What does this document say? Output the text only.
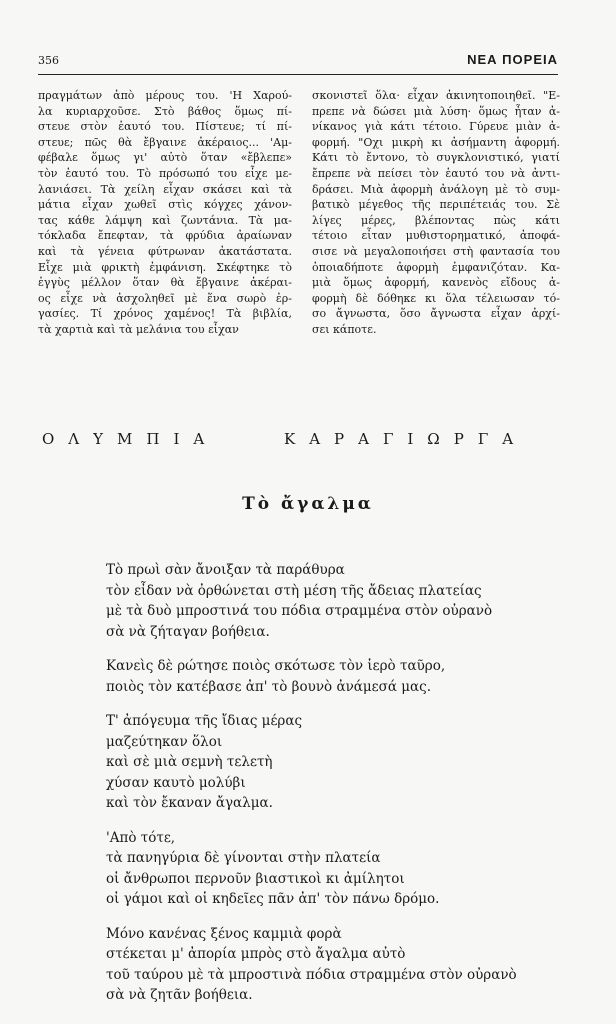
356	ΝΕΑ ΠΟΡΕΙΑ
πραγμάτων ἀπὸ μέρους του. 'Η Χαρού-
λα κυριαρχοῦσε. Στὸ βάθος ὅμως πί-
στευε στὸν ἑαυτό του. Πίστευε; τί πί-
στευε; πῶς θὰ ἔβγαινε ἀκέραιος... 'Αμ-
φέβαλε ὅμως γι' αὐτὸ ὅταν «ἔβλεπε»
τὸν ἑαυτό του. Τὸ πρόσωπό του εἶχε με-
λανιάσει. Τὰ χείλη εἶχαν σκάσει καὶ τὰ
μάτια εἶχαν χωθεῖ στὶς κόγχες χάνον-
τας κάθε λάμψη καὶ ζωντάνια. Τὰ μα-
τόκλαδα ἔπεφταν, τὰ φρύδια ἀραίωναν
καὶ τὰ γένεια φύτρωναν ἀκατάστατα.
Εἶχε μιὰ φρικτὴ ἐμφάνιση. Σκέφτηκε τὸ
ἐγγὺς μέλλον ὅταν θὰ ἔβγαινε ἀκέραι-
ος εἶχε νὰ ἀσχοληθεῖ μὲ ἕνα σωρὸ ἐρ-
γασίες. Τί χρόνος χαμένος! Τὰ βιβλία,
τὰ χαρτιὰ καὶ τὰ μελάνια του εἶχαν
σκονιστεῖ ὅλα· εἶχαν ἀκινητοποιηθεῖ. "Ε-
πρεπε νὰ δώσει μιὰ λύση· ὅμως ἦταν ἀ-
νίκανος γιὰ κάτι τέτοιο. Γύρευε μιὰν ἀ-
φορμή. "Οχι μικρὴ κι ἀσήμαντη ἀφορμή.
Κάτι τὸ ἔντονο, τὸ συγκλονιστικό, γιατί
ἔπρεπε νὰ πείσει τὸν ἑαυτό του νὰ ἀντι-
δράσει. Μιὰ ἀφορμὴ ἀνάλογη μὲ τὸ συμ-
βατικὸ μέγεθος τῆς περιπέτειάς του. Σὲ
λίγες μέρες, βλέποντας πὼς κάτι
τέτοιο εἶταν μυθιστορηματικό, ἀποφά-
σισε νὰ μεγαλοποιήσει στὴ φαντασία του
ὁποιαδήποτε ἀφορμὴ ἐμφανιζόταν. Κα-
μιὰ ὅμως ἀφορμή, κανενὸς εἴδους ἀ-
φορμὴ δὲ δόθηκε κι ὅλα τέλειωσαν τό-
σο ἄγνωστα, ὅσο ἄγνωστα εἶχαν ἀρχί-
σει κάποτε.
ΟΛΥΜΠΙΑ	ΚΑΡΑΓΙΩΡΓΑ
Τὸ ἄγαλμα
Τὸ πρωὶ σὰν ἄνοιξαν τὰ παράθυρα
τὸν εἶδαν νὰ ὀρθώνεται στὴ μέση τῆς ἄδειας πλατείας
μὲ τὰ δυὸ μπροστινά του πόδια στραμμένα στὸν οὐρανὸ
σὰ νὰ ζήταγαν βοήθεια.
Κανεὶς δὲ ρώτησε ποιὸς σκότωσε τὸν ἱερὸ ταῦρο,
ποιὸς τὸν κατέβασε ἀπ' τὸ βουνὸ ἀνάμεσά μας.
Τ' ἀπόγευμα τῆς ἴδιας μέρας
μαζεύτηκαν ὅλοι
καὶ σὲ μιὰ σεμνὴ τελετὴ
χύσαν καυτὸ μολύβι
καὶ τὸν ἔκαναν ἄγαλμα.
'Απὸ τότε,
τὰ πανηγύρια δὲ γίνονται στὴν πλατεία
οἱ ἄνθρωποι περνοῦν βιαστικοὶ κι ἀμίλητοι
οἱ γάμοι καὶ οἱ κηδεῖες πᾶν ἀπ' τὸν πάνω δρόμο.
Μόνο κανένας ξένος καμμιὰ φορὰ
στέκεται μ' ἀπορία μπρὸς στὸ ἄγαλμα αὐτὸ
τοῦ ταύρου μὲ τὰ μπροστινὰ πόδια στραμμένα στὸν οὐρανὸ
σὰ νὰ ζητᾶν βοήθεια.
